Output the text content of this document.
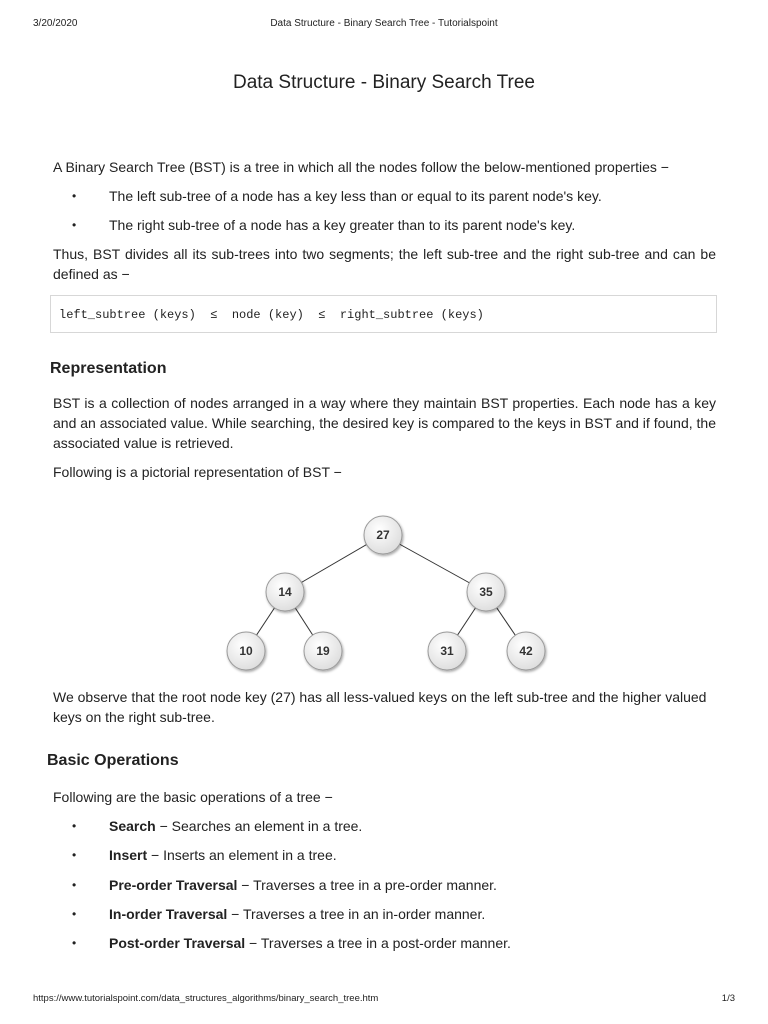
3/20/2020	Data Structure - Binary Search Tree - Tutorialspoint
Data Structure - Binary Search Tree

A Binary Search Tree (BST) is a tree in which all the nodes follow the below-mentioned properties −

• The left sub-tree of a node has a key less than or equal to its parent node's key.
• The right sub-tree of a node has a key greater than to its parent node's key.

Thus, BST divides all its sub-trees into two segments; the left sub-tree and the right sub-tree and can be defined as −

left_subtree (keys)  ≤  node (key)  ≤  right_subtree (keys)
Representation

BST is a collection of nodes arranged in a way where they maintain BST properties. Each node has a key and an associated value. While searching, the desired key is compared to the keys in BST and if found, the associated value is retrieved.

Following is a pictorial representation of BST −

27
14	35
10	19	31	42

We observe that the root node key (27) has all less-valued keys on the left sub-tree and the higher valued keys on the right sub-tree.

Basic Operations

Following are the basic operations of a tree −

• Search − Searches an element in a tree.
• Insert − Inserts an element in a tree.
• Pre-order Traversal − Traverses a tree in a pre-order manner.
• In-order Traversal − Traverses a tree in an in-order manner.
• Post-order Traversal − Traverses a tree in a post-order manner.
https://www.tutorialspoint.com/data_structures_algorithms/binary_search_tree.htm	1/3
